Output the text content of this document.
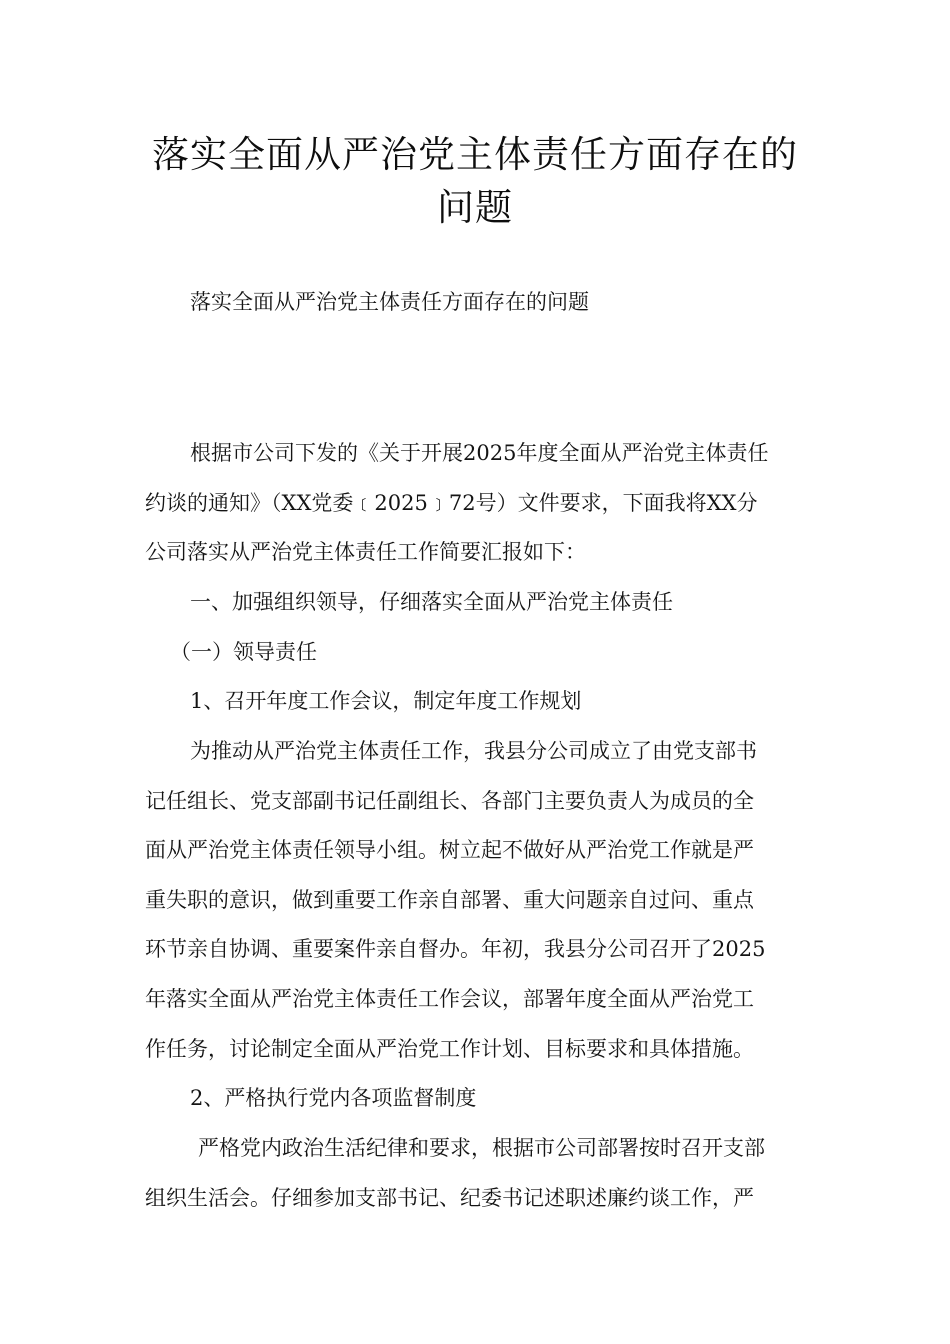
落实全面从严治党主体责任方面存在的
问题

落实全面从严治党主体责任方面存在的问题

根据市公司下发的《关于开展2025年度全面从严治党主体责任

约谈的通知》（XX党委﹝2025﹞72号）文件要求，下面我将XX分

公司落实从严治党主体责任工作简要汇报如下：

一、加强组织领导，仔细落实全面从严治党主体责任

（一）领导责任

1、召开年度工作会议，制定年度工作规划

为推动从严治党主体责任工作，我县分公司成立了由党支部书

记任组长、党支部副书记任副组长、各部门主要负责人为成员的全

面从严治党主体责任领导小组。树立起不做好从严治党工作就是严

重失职的意识，做到重要工作亲自部署、重大问题亲自过问、重点

环节亲自协调、重要案件亲自督办。年初，我县分公司召开了2025

年落实全面从严治党主体责任工作会议，部署年度全面从严治党工

作任务，讨论制定全面从严治党工作计划、目标要求和具体措施。

2、严格执行党内各项监督制度

严格党内政治生活纪律和要求，根据市公司部署按时召开支部

组织生活会。仔细参加支部书记、纪委书记述职述廉约谈工作，严
